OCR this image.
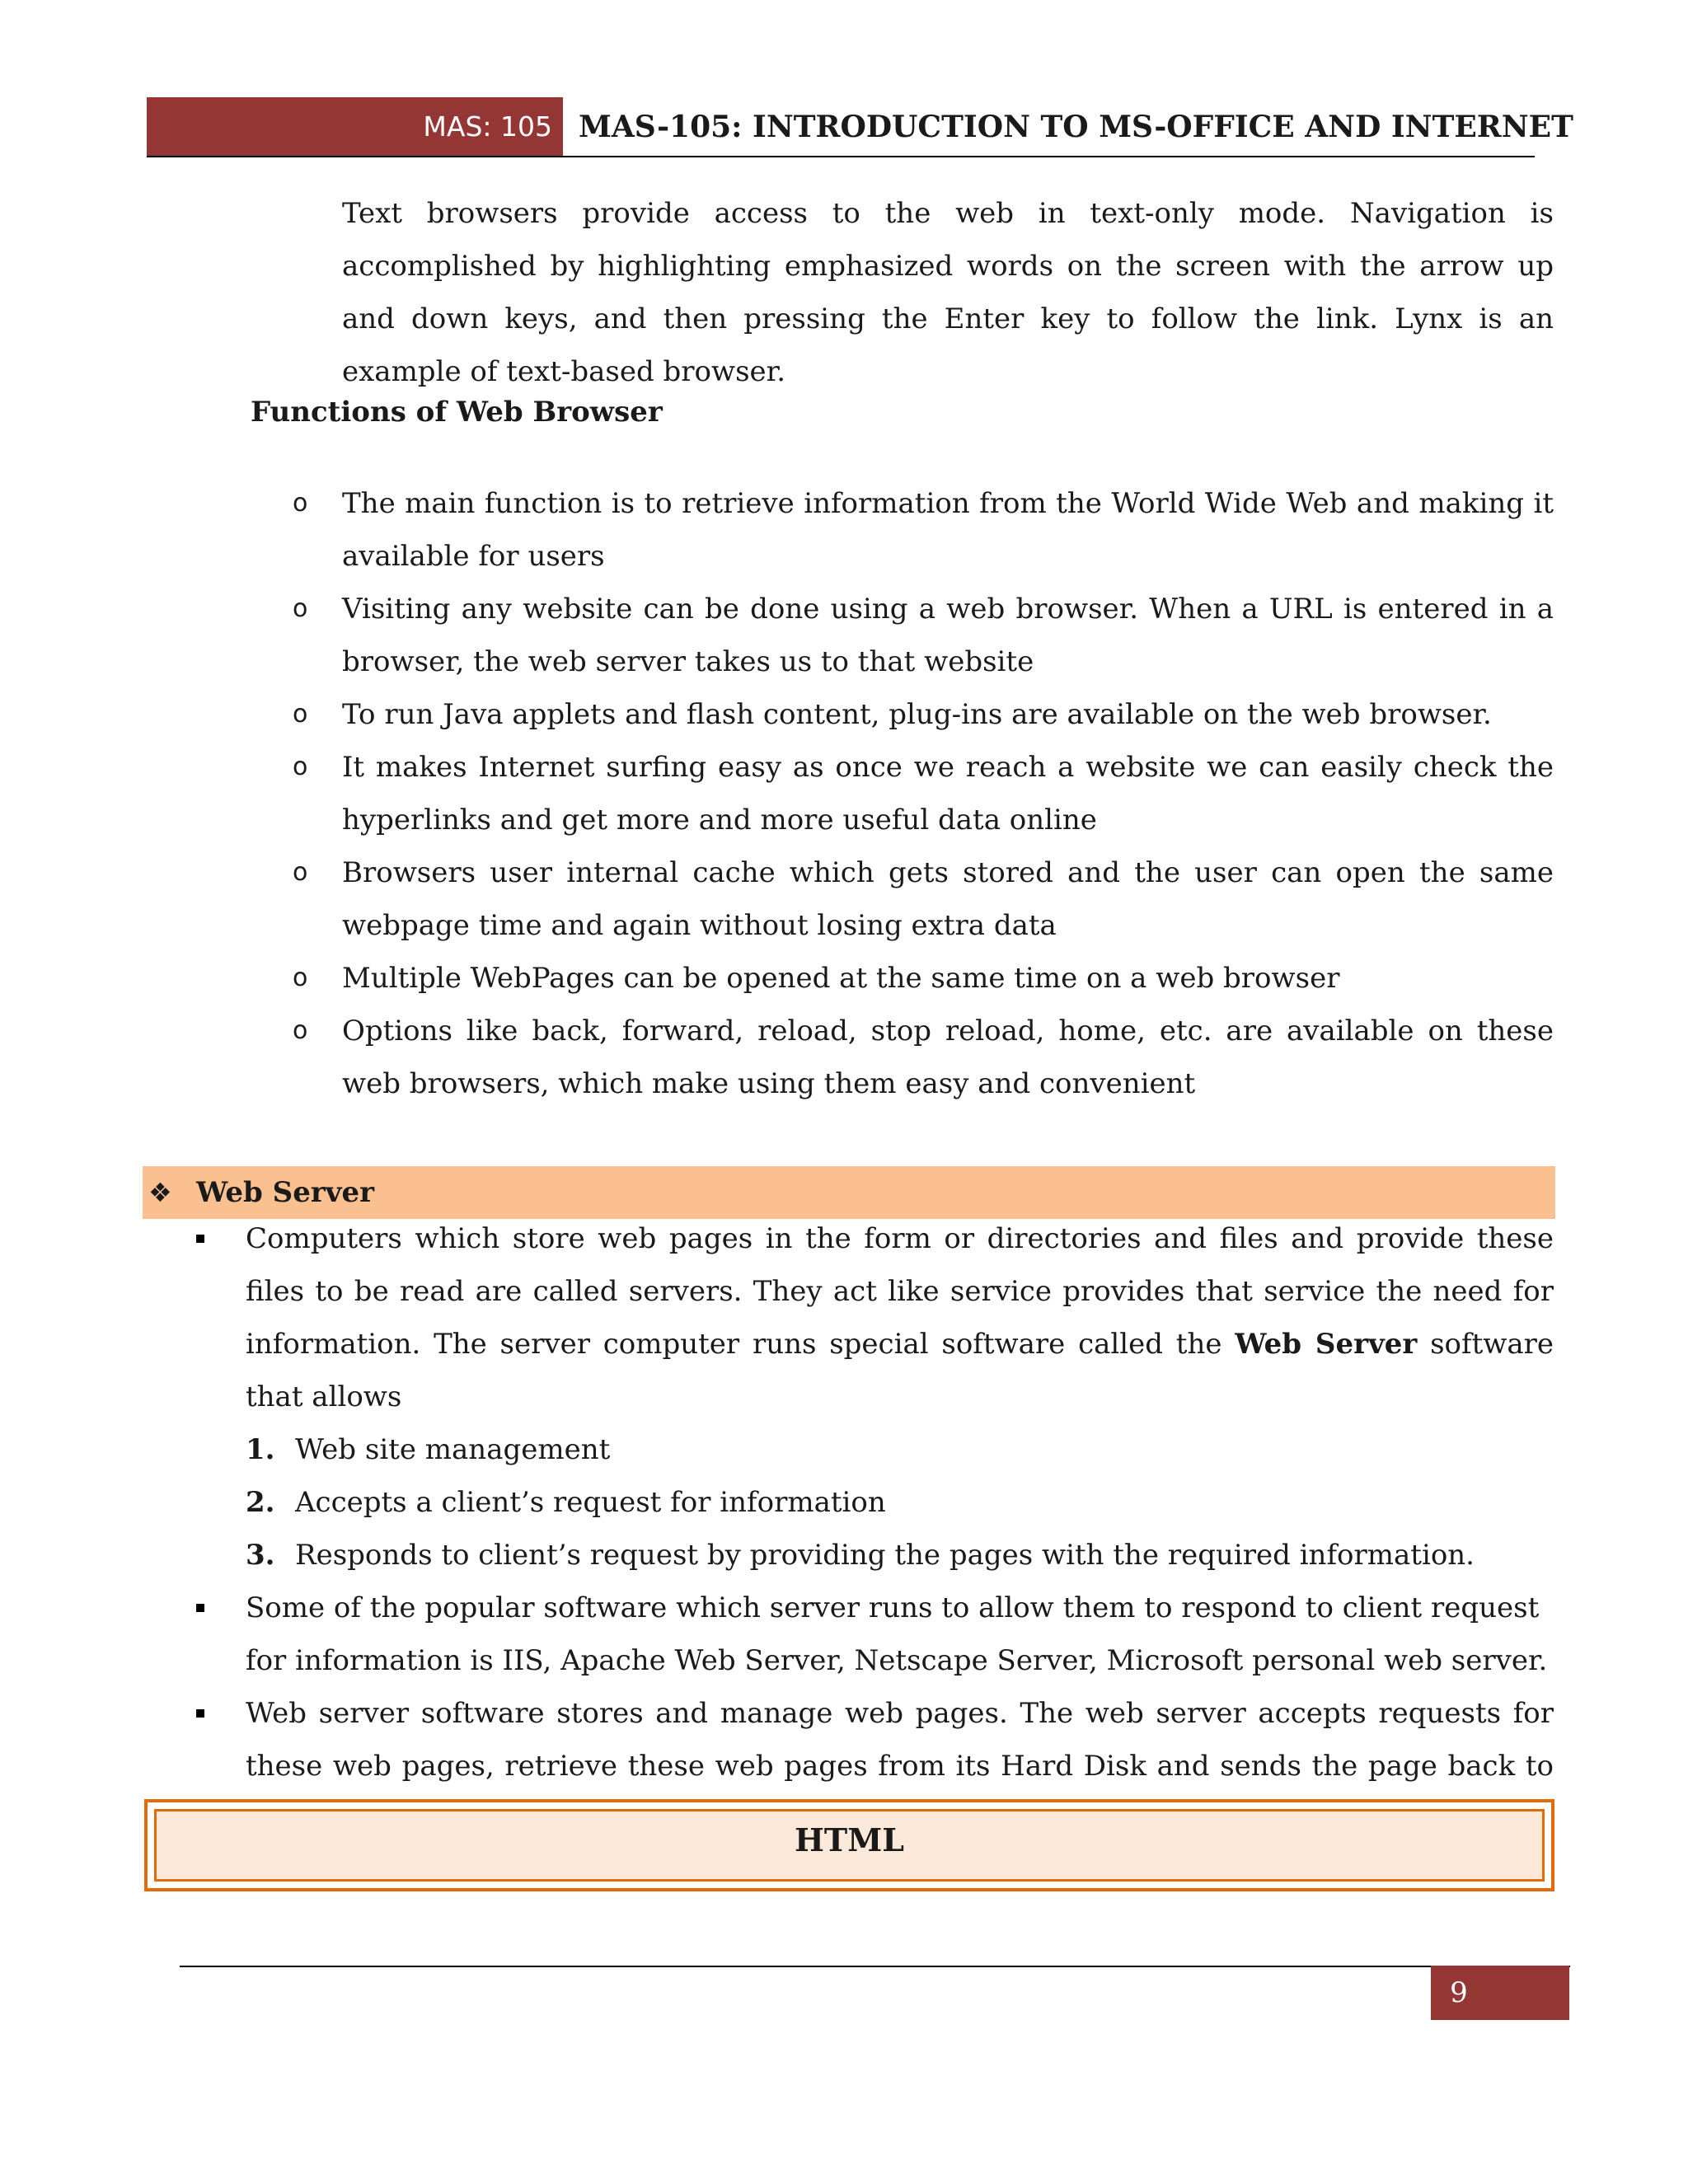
MAS: 105 MAS-105: INTRODUCTION TO MS-OFFICE AND INTERNET

Text browsers provide access to the web in text-only mode. Navigation is accomplished by highlighting emphasized words on the screen with the arrow up and down keys, and then pressing the Enter key to follow the link. Lynx is an example of text-based browser.

Functions of Web Browser
o The main function is to retrieve information from the World Wide Web and making it available for users
o Visiting any website can be done using a web browser. When a URL is entered in a browser, the web server takes us to that website
o To run Java applets and flash content, plug-ins are available on the web browser.
o It makes Internet surfing easy as once we reach a website we can easily check the hyperlinks and get more and more useful data online
o Browsers user internal cache which gets stored and the user can open the same webpage time and again without losing extra data
o Multiple WebPages can be opened at the same time on a web browser
o Options like back, forward, reload, stop reload, home, etc. are available on these web browsers, which make using them easy and convenient
❖ Web Server
Computers which store web pages in the form or directories and files and provide these files to be read are called servers. They act like service provides that service the need for information. The server computer runs special software called the Web Server software that allows
1. Web site management
2. Accepts a client’s request for information
3. Responds to client’s request by providing the pages with the required information.
Some of the popular software which server runs to allow them to respond to client request for information is IIS, Apache Web Server, Netscape Server, Microsoft personal web server.
Web server software stores and manage web pages. The web server accepts requests for these web pages, retrieve these web pages from its Hard Disk and sends the page back to
HTML
9
